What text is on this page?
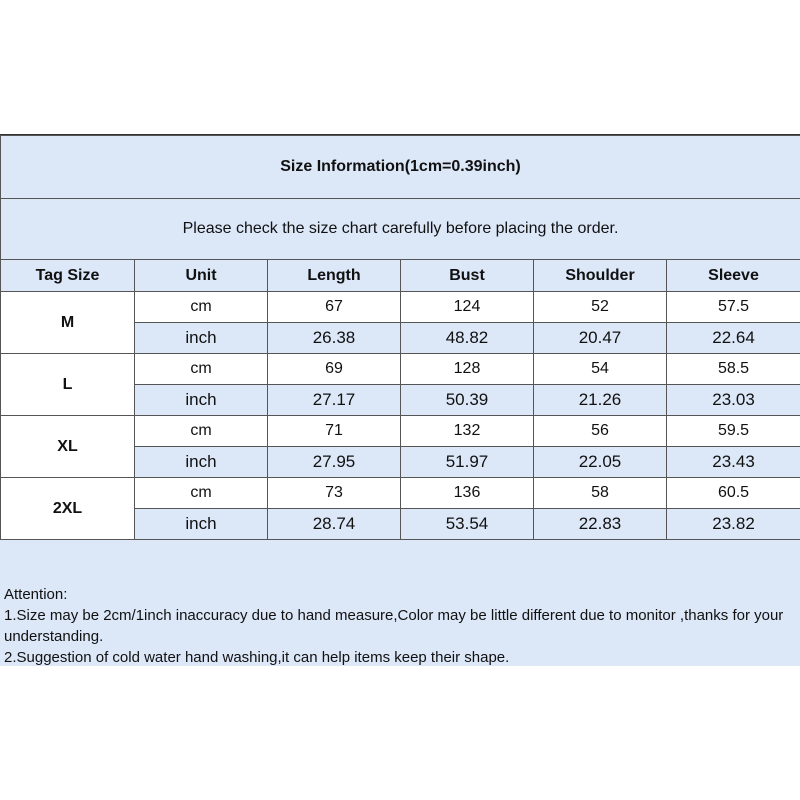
Size Information(1cm=0.39inch)					
Please check the size chart carefully before placing the order.					
Tag Size	Unit	Length	Bust	Shoulder	Sleeve
M	cm	67	124	52	57.5
	inch	26.38	48.82	20.47	22.64
L	cm	69	128	54	58.5
	inch	27.17	50.39	21.26	23.03
XL	cm	71	132	56	59.5
	inch	27.95	51.97	22.05	23.43
2XL	cm	73	136	58	60.5
	inch	28.74	53.54	22.83	23.82

Attention:

1.Size may be 2cm/1inch inaccuracy due to hand measure,Color may be little different due to monitor ,thanks for your understanding.

2.Suggestion of cold water hand washing,it can help items keep their shape.
